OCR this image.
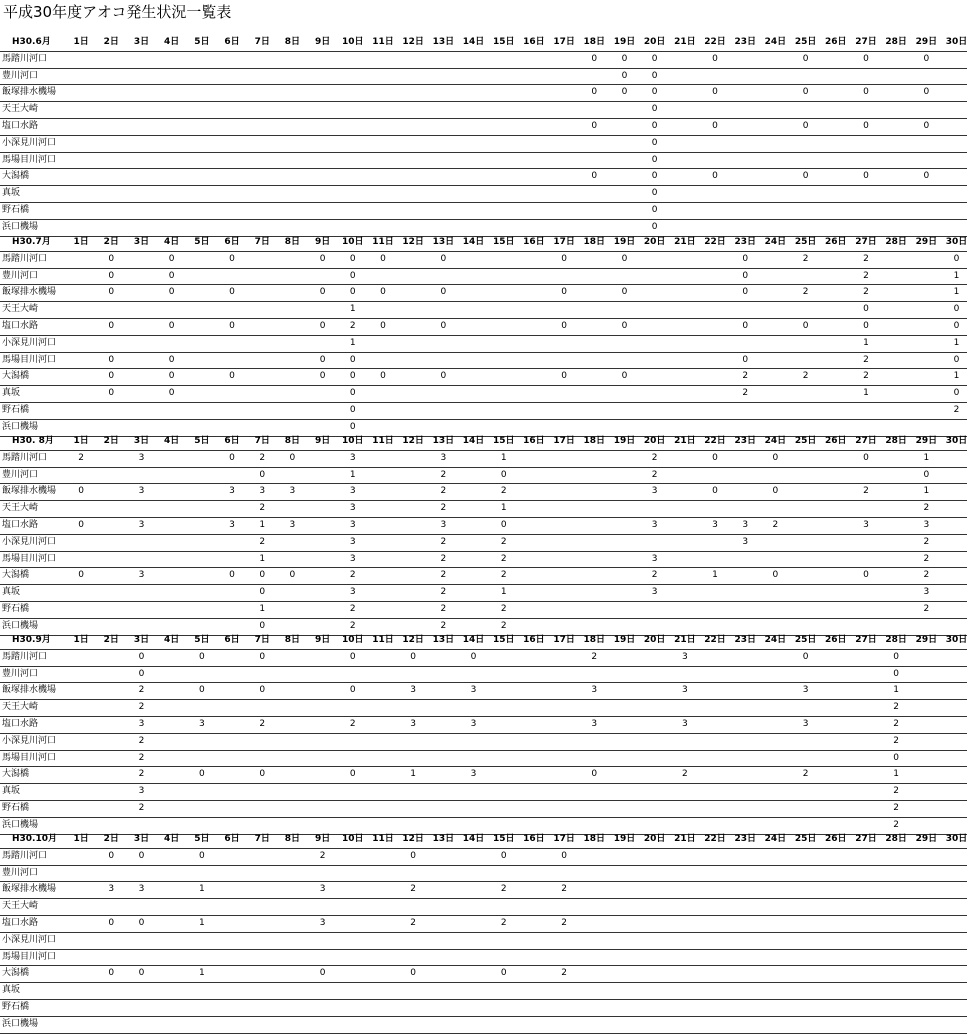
平成30年度アオコ発生状況一覧表
H30.6月	1日	2日	3日	4日	5日	6日	7日	8日	9日	10日	11日	12日	13日	14日	15日	16日	17日	18日	19日	20日	21日	22日	23日	24日	25日	26日	27日	28日	29日	30日	
馬踏川河口																		0	0	0		0			0		0		0		
豊川河口																			0	0											
飯塚排水機場																		0	0	0		0			0		0		0		
天王大崎																				0											
塩口水路																		0		0		0			0		0		0		
小深見川河口																				0											
馬場目川河口																				0											
大潟橋																		0		0		0			0		0		0		
真坂																				0											
野石橋																				0											
浜口機場																				0											
H30.7月	1日	2日	3日	4日	5日	6日	7日	8日	9日	10日	11日	12日	13日	14日	15日	16日	17日	18日	19日	20日	21日	22日	23日	24日	25日	26日	27日	28日	29日	30日	
馬踏川河口		0		0		0			0	0	0		0				0		0				0		2		2			0	
豊川河口		0		0						0													0				2			1	
飯塚排水機場		0		0		0			0	0	0		0				0		0				0		2		2			1	
天王大崎										1																	0			0	
塩口水路		0		0		0			0	2	0		0				0		0				0		0		0			0	
小深見川河口										1																	1			1	
馬場目川河口		0		0					0	0													0				2			0	
大潟橋		0		0		0			0	0	0		0				0		0				2		2		2			1	
真坂		0		0						0													2				1			0	
野石橋										0																				2	
浜口機場										0																					
H30. 8月	1日	2日	3日	4日	5日	6日	7日	8日	9日	10日	11日	12日	13日	14日	15日	16日	17日	18日	19日	20日	21日	22日	23日	24日	25日	26日	27日	28日	29日	30日	
馬踏川河口	2		3			0	2	0		3			3		1					2		0		0			0		1		
豊川河口							0			1			2		0					2									0		
飯塚排水機場	0		3			3	3	3		3			2		2					3		0		0			2		1		
天王大崎							2			3			2		1														2		
塩口水路	0		3			3	1	3		3			3		0					3		3	3	2			3		3		
小深見川河口							2			3			2		2								3						2		
馬場目川河口							1			3			2		2					3									2		
大潟橋	0		3			0	0	0		2			2		2					2		1		0			0		2		
真坂							0			3			2		1					3									3		
野石橋							1			2			2		2														2		
浜口機場							0			2			2		2																
H30.9月	1日	2日	3日	4日	5日	6日	7日	8日	9日	10日	11日	12日	13日	14日	15日	16日	17日	18日	19日	20日	21日	22日	23日	24日	25日	26日	27日	28日	29日	30日	
馬踏川河口			0		0		0			0		0		0				2			3				0			0			
豊川河口			0																									0			
飯塚排水機場			2		0		0			0		3		3				3			3				3			1			
天王大崎			2																									2			
塩口水路			3		3		2			2		3		3				3			3				3			2			
小深見川河口			2																									2			
馬場目川河口			2																									0			
大潟橋			2		0		0			0		1		3				0			2				2			1			
真坂			3																									2			
野石橋			2																									2			
浜口機場																												2			
H30.10月	1日	2日	3日	4日	5日	6日	7日	8日	9日	10日	11日	12日	13日	14日	15日	16日	17日	18日	19日	20日	21日	22日	23日	24日	25日	26日	27日	28日	29日	30日	
馬踏川河口		0	0		0				2			0			0		0														
豊川河口																															
飯塚排水機場		3	3		1				3			2			2		2														
天王大崎																															
塩口水路		0	0		1				3			2			2		2														
小深見川河口																															
馬場目川河口																															
大潟橋		0	0		1				0			0			0		2														
真坂																															
野石橋																															
浜口機場																															
